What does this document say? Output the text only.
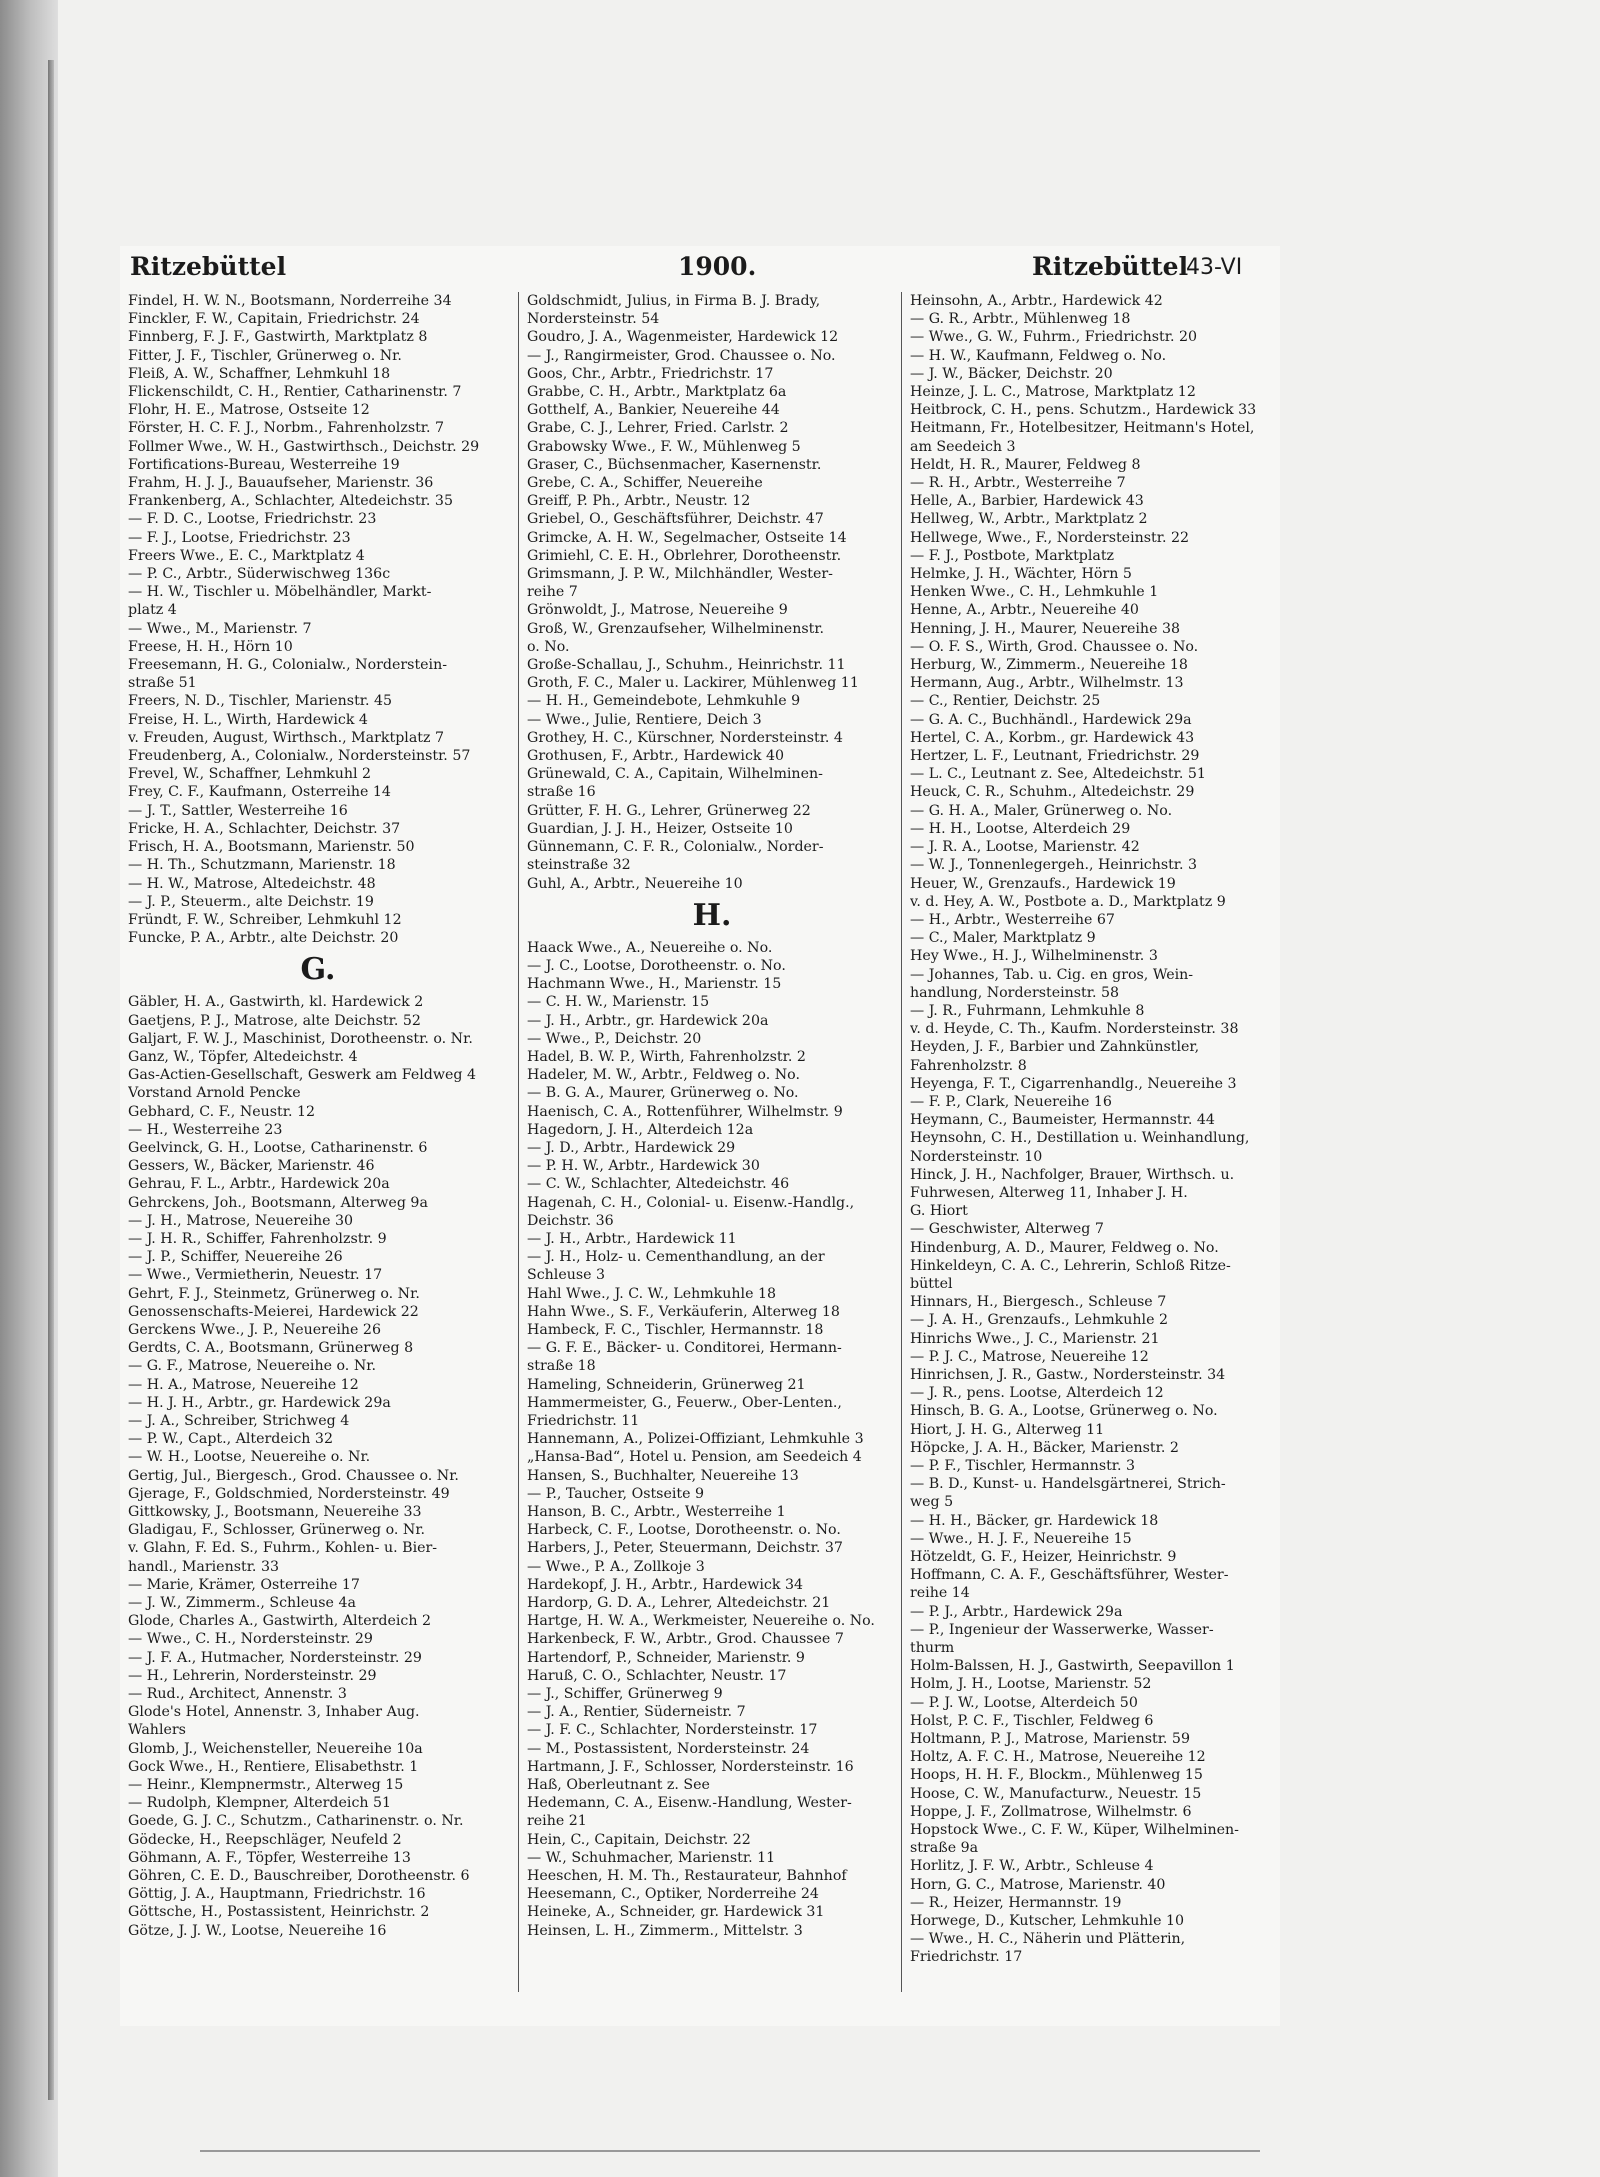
Ritzebüttel	1900.	Ritzebüttel
43-VI
Findel, H. W. N., Bootsmann, Norderreihe 34
Finckler, F. W., Capitain, Friedrichstr. 24
Finnberg, F. J. F., Gastwirth, Marktplatz 8
Fitter, J. F., Tischler, Grünerweg o. Nr.
Fleiß, A. W., Schaffner, Lehmkuhl 18
Flickenschildt, C. H., Rentier, Catharinenstr. 7
Flohr, H. E., Matrose, Ostseite 12
Förster, H. C. F. J., Norbm., Fahrenholzstr. 7
Follmer Wwe., W. H., Gastwirthsch., Deichstr. 29
Fortifications-Bureau, Westerreihe 19
Frahm, H. J. J., Bauaufseher, Marienstr. 36
Frankenberg, A., Schlachter, Altedeichstr. 35
— F. D. C., Lootse, Friedrichstr. 23
— F. J., Lootse, Friedrichstr. 23
Freers Wwe., E. C., Marktplatz 4
— P. C., Arbtr., Süderwischweg 136c
— H. W., Tischler u. Möbelhändler, Markt-
platz 4
— Wwe., M., Marienstr. 7
Freese, H. H., Hörn 10
Freesemann, H. G., Colonialw., Norderstein-
straße 51
Freers, N. D., Tischler, Marienstr. 45
Freise, H. L., Wirth, Hardewick 4
v. Freuden, August, Wirthsch., Marktplatz 7
Freudenberg, A., Colonialw., Nordersteinstr. 57
Frevel, W., Schaffner, Lehmkuhl 2
Frey, C. F., Kaufmann, Osterreihe 14
— J. T., Sattler, Westerreihe 16
Fricke, H. A., Schlachter, Deichstr. 37
Frisch, H. A., Bootsmann, Marienstr. 50
— H. Th., Schutzmann, Marienstr. 18
— H. W., Matrose, Altedeichstr. 48
— J. P., Steuerm., alte Deichstr. 19
Fründt, F. W., Schreiber, Lehmkuhl 12
Funcke, P. A., Arbtr., alte Deichstr. 20
G.
Gäbler, H. A., Gastwirth, kl. Hardewick 2
Gaetjens, P. J., Matrose, alte Deichstr. 52
Galjart, F. W. J., Maschinist, Dorotheenstr. o. Nr.
Ganz, W., Töpfer, Altedeichstr. 4
Gas-Actien-Gesellschaft, Geswerk am Feldweg 4
Vorstand Arnold Pencke
Gebhard, C. F., Neustr. 12
— H., Westerreihe 23
Geelvinck, G. H., Lootse, Catharinenstr. 6
Gessers, W., Bäcker, Marienstr. 46
Gehrau, F. L., Arbtr., Hardewick 20a
Gehrckens, Joh., Bootsmann, Alterweg 9a
— J. H., Matrose, Neuereihe 30
— J. H. R., Schiffer, Fahrenholzstr. 9
— J. P., Schiffer, Neuereihe 26
— Wwe., Vermietherin, Neuestr. 17
Gehrt, F. J., Steinmetz, Grünerweg o. Nr.
Genossenschafts-Meierei, Hardewick 22
Gerckens Wwe., J. P., Neuereihe 26
Gerdts, C. A., Bootsmann, Grünerweg 8
— G. F., Matrose, Neuereihe o. Nr.
— H. A., Matrose, Neuereihe 12
— H. J. H., Arbtr., gr. Hardewick 29a
— J. A., Schreiber, Strichweg 4
— P. W., Capt., Alterdeich 32
— W. H., Lootse, Neuereihe o. Nr.
Gertig, Jul., Biergesch., Grod. Chaussee o. Nr.
Gjerage, F., Goldschmied, Nordersteinstr. 49
Gittkowsky, J., Bootsmann, Neuereihe 33
Gladigau, F., Schlosser, Grünerweg o. Nr.
v. Glahn, F. Ed. S., Fuhrm., Kohlen- u. Bier-
handl., Marienstr. 33
— Marie, Krämer, Osterreihe 17
— J. W., Zimmerm., Schleuse 4a
Glode, Charles A., Gastwirth, Alterdeich 2
— Wwe., C. H., Nordersteinstr. 29
— J. F. A., Hutmacher, Nordersteinstr. 29
— H., Lehrerin, Nordersteinstr. 29
— Rud., Architect, Annenstr. 3
Glode's Hotel, Annenstr. 3, Inhaber Aug.
Wahlers
Glomb, J., Weichensteller, Neuereihe 10a
Gock Wwe., H., Rentiere, Elisabethstr. 1
— Heinr., Klempnermstr., Alterweg 15
— Rudolph, Klempner, Alterdeich 51
Goede, G. J. C., Schutzm., Catharinenstr. o. Nr.
Gödecke, H., Reepschläger, Neufeld 2
Göhmann, A. F., Töpfer, Westerreihe 13
Göhren, C. E. D., Bauschreiber, Dorotheenstr. 6
Göttig, J. A., Hauptmann, Friedrichstr. 16
Göttsche, H., Postassistent, Heinrichstr. 2
Götze, J. J. W., Lootse, Neuereihe 16
Goldschmidt, Julius, in Firma B. J. Brady,
Nordersteinstr. 54
Goudro, J. A., Wagenmeister, Hardewick 12
— J., Rangirmeister, Grod. Chaussee o. No.
Goos, Chr., Arbtr., Friedrichstr. 17
Grabbe, C. H., Arbtr., Marktplatz 6a
Gotthelf, A., Bankier, Neuereihe 44
Grabe, C. J., Lehrer, Fried. Carlstr. 2
Grabowsky Wwe., F. W., Mühlenweg 5
Graser, C., Büchsenmacher, Kasernenstr.
Grebe, C. A., Schiffer, Neuereihe
Greiff, P. Ph., Arbtr., Neustr. 12
Griebel, O., Geschäftsführer, Deichstr. 47
Grimcke, A. H. W., Segelmacher, Ostseite 14
Grimiehl, C. E. H., Obrlehrer, Dorotheenstr.
Grimsmann, J. P. W., Milchhändler, Wester-
reihe 7
Grönwoldt, J., Matrose, Neuereihe 9
Groß, W., Grenzaufseher, Wilhelminenstr.
o. No.
Große-Schallau, J., Schuhm., Heinrichstr. 11
Groth, F. C., Maler u. Lackirer, Mühlenweg 11
— H. H., Gemeindebote, Lehmkuhle 9
— Wwe., Julie, Rentiere, Deich 3
Grothey, H. C., Kürschner, Nordersteinstr. 4
Grothusen, F., Arbtr., Hardewick 40
Grünewald, C. A., Capitain, Wilhelminen-
straße 16
Grütter, F. H. G., Lehrer, Grünerweg 22
Guardian, J. J. H., Heizer, Ostseite 10
Günnemann, C. F. R., Colonialw., Norder-
steinstraße 32
Guhl, A., Arbtr., Neuereihe 10
H.
Haack Wwe., A., Neuereihe o. No.
— J. C., Lootse, Dorotheenstr. o. No.
Hachmann Wwe., H., Marienstr. 15
— C. H. W., Marienstr. 15
— J. H., Arbtr., gr. Hardewick 20a
— Wwe., P., Deichstr. 20
Hadel, B. W. P., Wirth, Fahrenholzstr. 2
Hadeler, M. W., Arbtr., Feldweg o. No.
— B. G. A., Maurer, Grünerweg o. No.
Haenisch, C. A., Rottenführer, Wilhelmstr. 9
Hagedorn, J. H., Alterdeich 12a
— J. D., Arbtr., Hardewick 29
— P. H. W., Arbtr., Hardewick 30
— C. W., Schlachter, Altedeichstr. 46
Hagenah, C. H., Colonial- u. Eisenw.-Handlg.,
Deichstr. 36
— J. H., Arbtr., Hardewick 11
— J. H., Holz- u. Cementhandlung, an der
Schleuse 3
Hahl Wwe., J. C. W., Lehmkuhle 18
Hahn Wwe., S. F., Verkäuferin, Alterweg 18
Hambeck, F. C., Tischler, Hermannstr. 18
— G. F. E., Bäcker- u. Conditorei, Hermann-
straße 18
Hameling, Schneiderin, Grünerweg 21
Hammermeister, G., Feuerw., Ober-Lenten.,
Friedrichstr. 11
Hannemann, A., Polizei-Offiziant, Lehmkuhle 3
„Hansa-Bad“, Hotel u. Pension, am Seedeich 4
Hansen, S., Buchhalter, Neuereihe 13
— P., Taucher, Ostseite 9
Hanson, B. C., Arbtr., Westerreihe 1
Harbeck, C. F., Lootse, Dorotheenstr. o. No.
Harbers, J., Peter, Steuermann, Deichstr. 37
— Wwe., P. A., Zollkoje 3
Hardekopf, J. H., Arbtr., Hardewick 34
Hardorp, G. D. A., Lehrer, Altedeichstr. 21
Hartge, H. W. A., Werkmeister, Neuereihe o. No.
Harkenbeck, F. W., Arbtr., Grod. Chaussee 7
Hartendorf, P., Schneider, Marienstr. 9
Haruß, C. O., Schlachter, Neustr. 17
— J., Schiffer, Grünerweg 9
— J. A., Rentier, Süderneistr. 7
— J. F. C., Schlachter, Nordersteinstr. 17
— M., Postassistent, Nordersteinstr. 24
Hartmann, J. F., Schlosser, Nordersteinstr. 16
Haß, Oberleutnant z. See
Hedemann, C. A., Eisenw.-Handlung, Wester-
reihe 21
Hein, C., Capitain, Deichstr. 22
— W., Schuhmacher, Marienstr. 11
Heeschen, H. M. Th., Restaurateur, Bahnhof
Heesemann, C., Optiker, Norderreihe 24
Heineke, A., Schneider, gr. Hardewick 31
Heinsen, L. H., Zimmerm., Mittelstr. 3
Heinsohn, A., Arbtr., Hardewick 42
— G. R., Arbtr., Mühlenweg 18
— Wwe., G. W., Fuhrm., Friedrichstr. 20
— H. W., Kaufmann, Feldweg o. No.
— J. W., Bäcker, Deichstr. 20
Heinze, J. L. C., Matrose, Marktplatz 12
Heitbrock, C. H., pens. Schutzm., Hardewick 33
Heitmann, Fr., Hotelbesitzer, Heitmann's Hotel,
am Seedeich 3
Heldt, H. R., Maurer, Feldweg 8
— R. H., Arbtr., Westerreihe 7
Helle, A., Barbier, Hardewick 43
Hellweg, W., Arbtr., Marktplatz 2
Hellwege, Wwe., F., Nordersteinstr. 22
— F. J., Postbote, Marktplatz
Helmke, J. H., Wächter, Hörn 5
Henken Wwe., C. H., Lehmkuhle 1
Henne, A., Arbtr., Neuereihe 40
Henning, J. H., Maurer, Neuereihe 38
— O. F. S., Wirth, Grod. Chaussee o. No.
Herburg, W., Zimmerm., Neuereihe 18
Hermann, Aug., Arbtr., Wilhelmstr. 13
— C., Rentier, Deichstr. 25
— G. A. C., Buchhändl., Hardewick 29a
Hertel, C. A., Korbm., gr. Hardewick 43
Hertzer, L. F., Leutnant, Friedrichstr. 29
— L. C., Leutnant z. See, Altedeichstr. 51
Heuck, C. R., Schuhm., Altedeichstr. 29
— G. H. A., Maler, Grünerweg o. No.
— H. H., Lootse, Alterdeich 29
— J. R. A., Lootse, Marienstr. 42
— W. J., Tonnenlegergeh., Heinrichstr. 3
Heuer, W., Grenzaufs., Hardewick 19
v. d. Hey, A. W., Postbote a. D., Marktplatz 9
— H., Arbtr., Westerreihe 67
— C., Maler, Marktplatz 9
Hey Wwe., H. J., Wilhelminenstr. 3
— Johannes, Tab. u. Cig. en gros, Wein-
handlung, Nordersteinstr. 58
— J. R., Fuhrmann, Lehmkuhle 8
v. d. Heyde, C. Th., Kaufm. Nordersteinstr. 38
Heyden, J. F., Barbier und Zahnkünstler,
Fahrenholzstr. 8
Heyenga, F. T., Cigarrenhandlg., Neuereihe 3
— F. P., Clark, Neuereihe 16
Heymann, C., Baumeister, Hermannstr. 44
Heynsohn, C. H., Destillation u. Weinhandlung,
Nordersteinstr. 10
Hinck, J. H., Nachfolger, Brauer, Wirthsch. u.
Fuhrwesen, Alterweg 11, Inhaber J. H.
G. Hiort
— Geschwister, Alterweg 7
Hindenburg, A. D., Maurer, Feldweg o. No.
Hinkeldeyn, C. A. C., Lehrerin, Schloß Ritze-
büttel
Hinnars, H., Biergesch., Schleuse 7
— J. A. H., Grenzaufs., Lehmkuhle 2
Hinrichs Wwe., J. C., Marienstr. 21
— P. J. C., Matrose, Neuereihe 12
Hinrichsen, J. R., Gastw., Nordersteinstr. 34
— J. R., pens. Lootse, Alterdeich 12
Hinsch, B. G. A., Lootse, Grünerweg o. No.
Hiort, J. H. G., Alterweg 11
Höpcke, J. A. H., Bäcker, Marienstr. 2
— P. F., Tischler, Hermannstr. 3
— B. D., Kunst- u. Handelsgärtnerei, Strich-
weg 5
— H. H., Bäcker, gr. Hardewick 18
— Wwe., H. J. F., Neuereihe 15
Hötzeldt, G. F., Heizer, Heinrichstr. 9
Hoffmann, C. A. F., Geschäftsführer, Wester-
reihe 14
— P. J., Arbtr., Hardewick 29a
— P., Ingenieur der Wasserwerke, Wasser-
thurm
Holm-Balssen, H. J., Gastwirth, Seepavillon 1
Holm, J. H., Lootse, Marienstr. 52
— P. J. W., Lootse, Alterdeich 50
Holst, P. C. F., Tischler, Feldweg 6
Holtmann, P. J., Matrose, Marienstr. 59
Holtz, A. F. C. H., Matrose, Neuereihe 12
Hoops, H. H. F., Blockm., Mühlenweg 15
Hoose, C. W., Manufacturw., Neuestr. 15
Hoppe, J. F., Zollmatrose, Wilhelmstr. 6
Hopstock Wwe., C. F. W., Küper, Wilhelminen-
straße 9a
Horlitz, J. F. W., Arbtr., Schleuse 4
Horn, G. C., Matrose, Marienstr. 40
— R., Heizer, Hermannstr. 19
Horwege, D., Kutscher, Lehmkuhle 10
— Wwe., H. C., Näherin und Plätterin,
Friedrichstr. 17
